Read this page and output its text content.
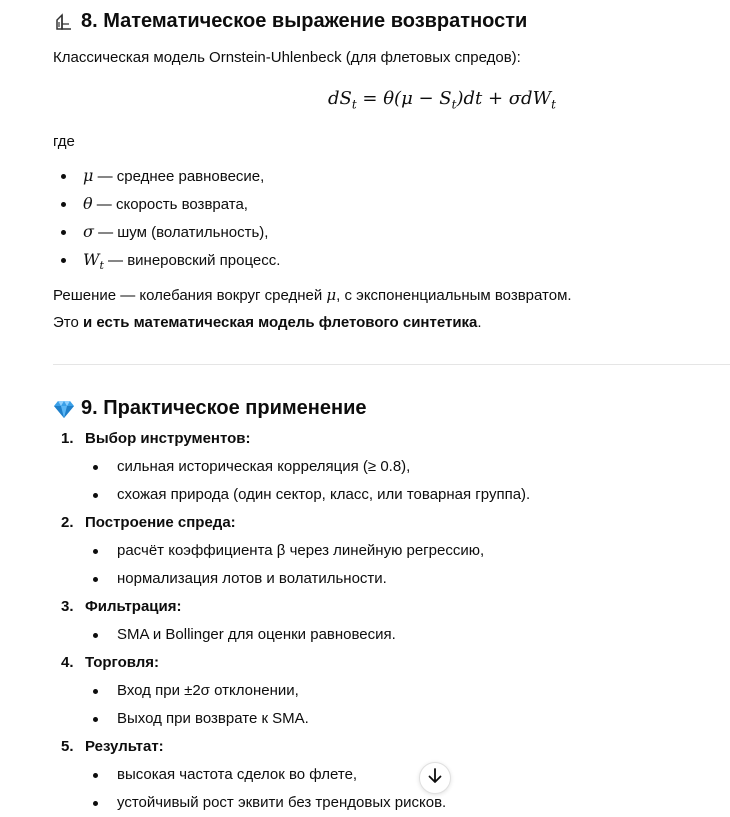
8. Математическое выражение возвратности

Классическая модель Ornstein-Uhlenbeck (для флетовых спредов):

$dS_t = \theta(\mu - S_t)dt + \sigma dW_t$

где

μ — среднее равновесие,
θ — скорость возврата,
σ — шум (волатильность),
$W_t$ — винеровский процесс.

Решение — колебания вокруг средней μ, с экспоненциальным возвратом.

Это и есть математическая модель флетового синтетика.

9. Практическое применение
1. Выбор инструментов:
сильная историческая корреляция (≥ 0.8),
схожая природа (один сектор, класс, или товарная группа).
2. Построение спреда:
расчёт коэффициента β через линейную регрессию,
нормализация лотов и волатильности.
3. Фильтрация:
SMA и Bollinger для оценки равновесия.
4. Торговля:
Вход при ±2σ отклонении,
Выход при возврате к SMA.
5. Результат:
высокая частота сделок во флете,
устойчивый рост эквити без трендовых рисков.
